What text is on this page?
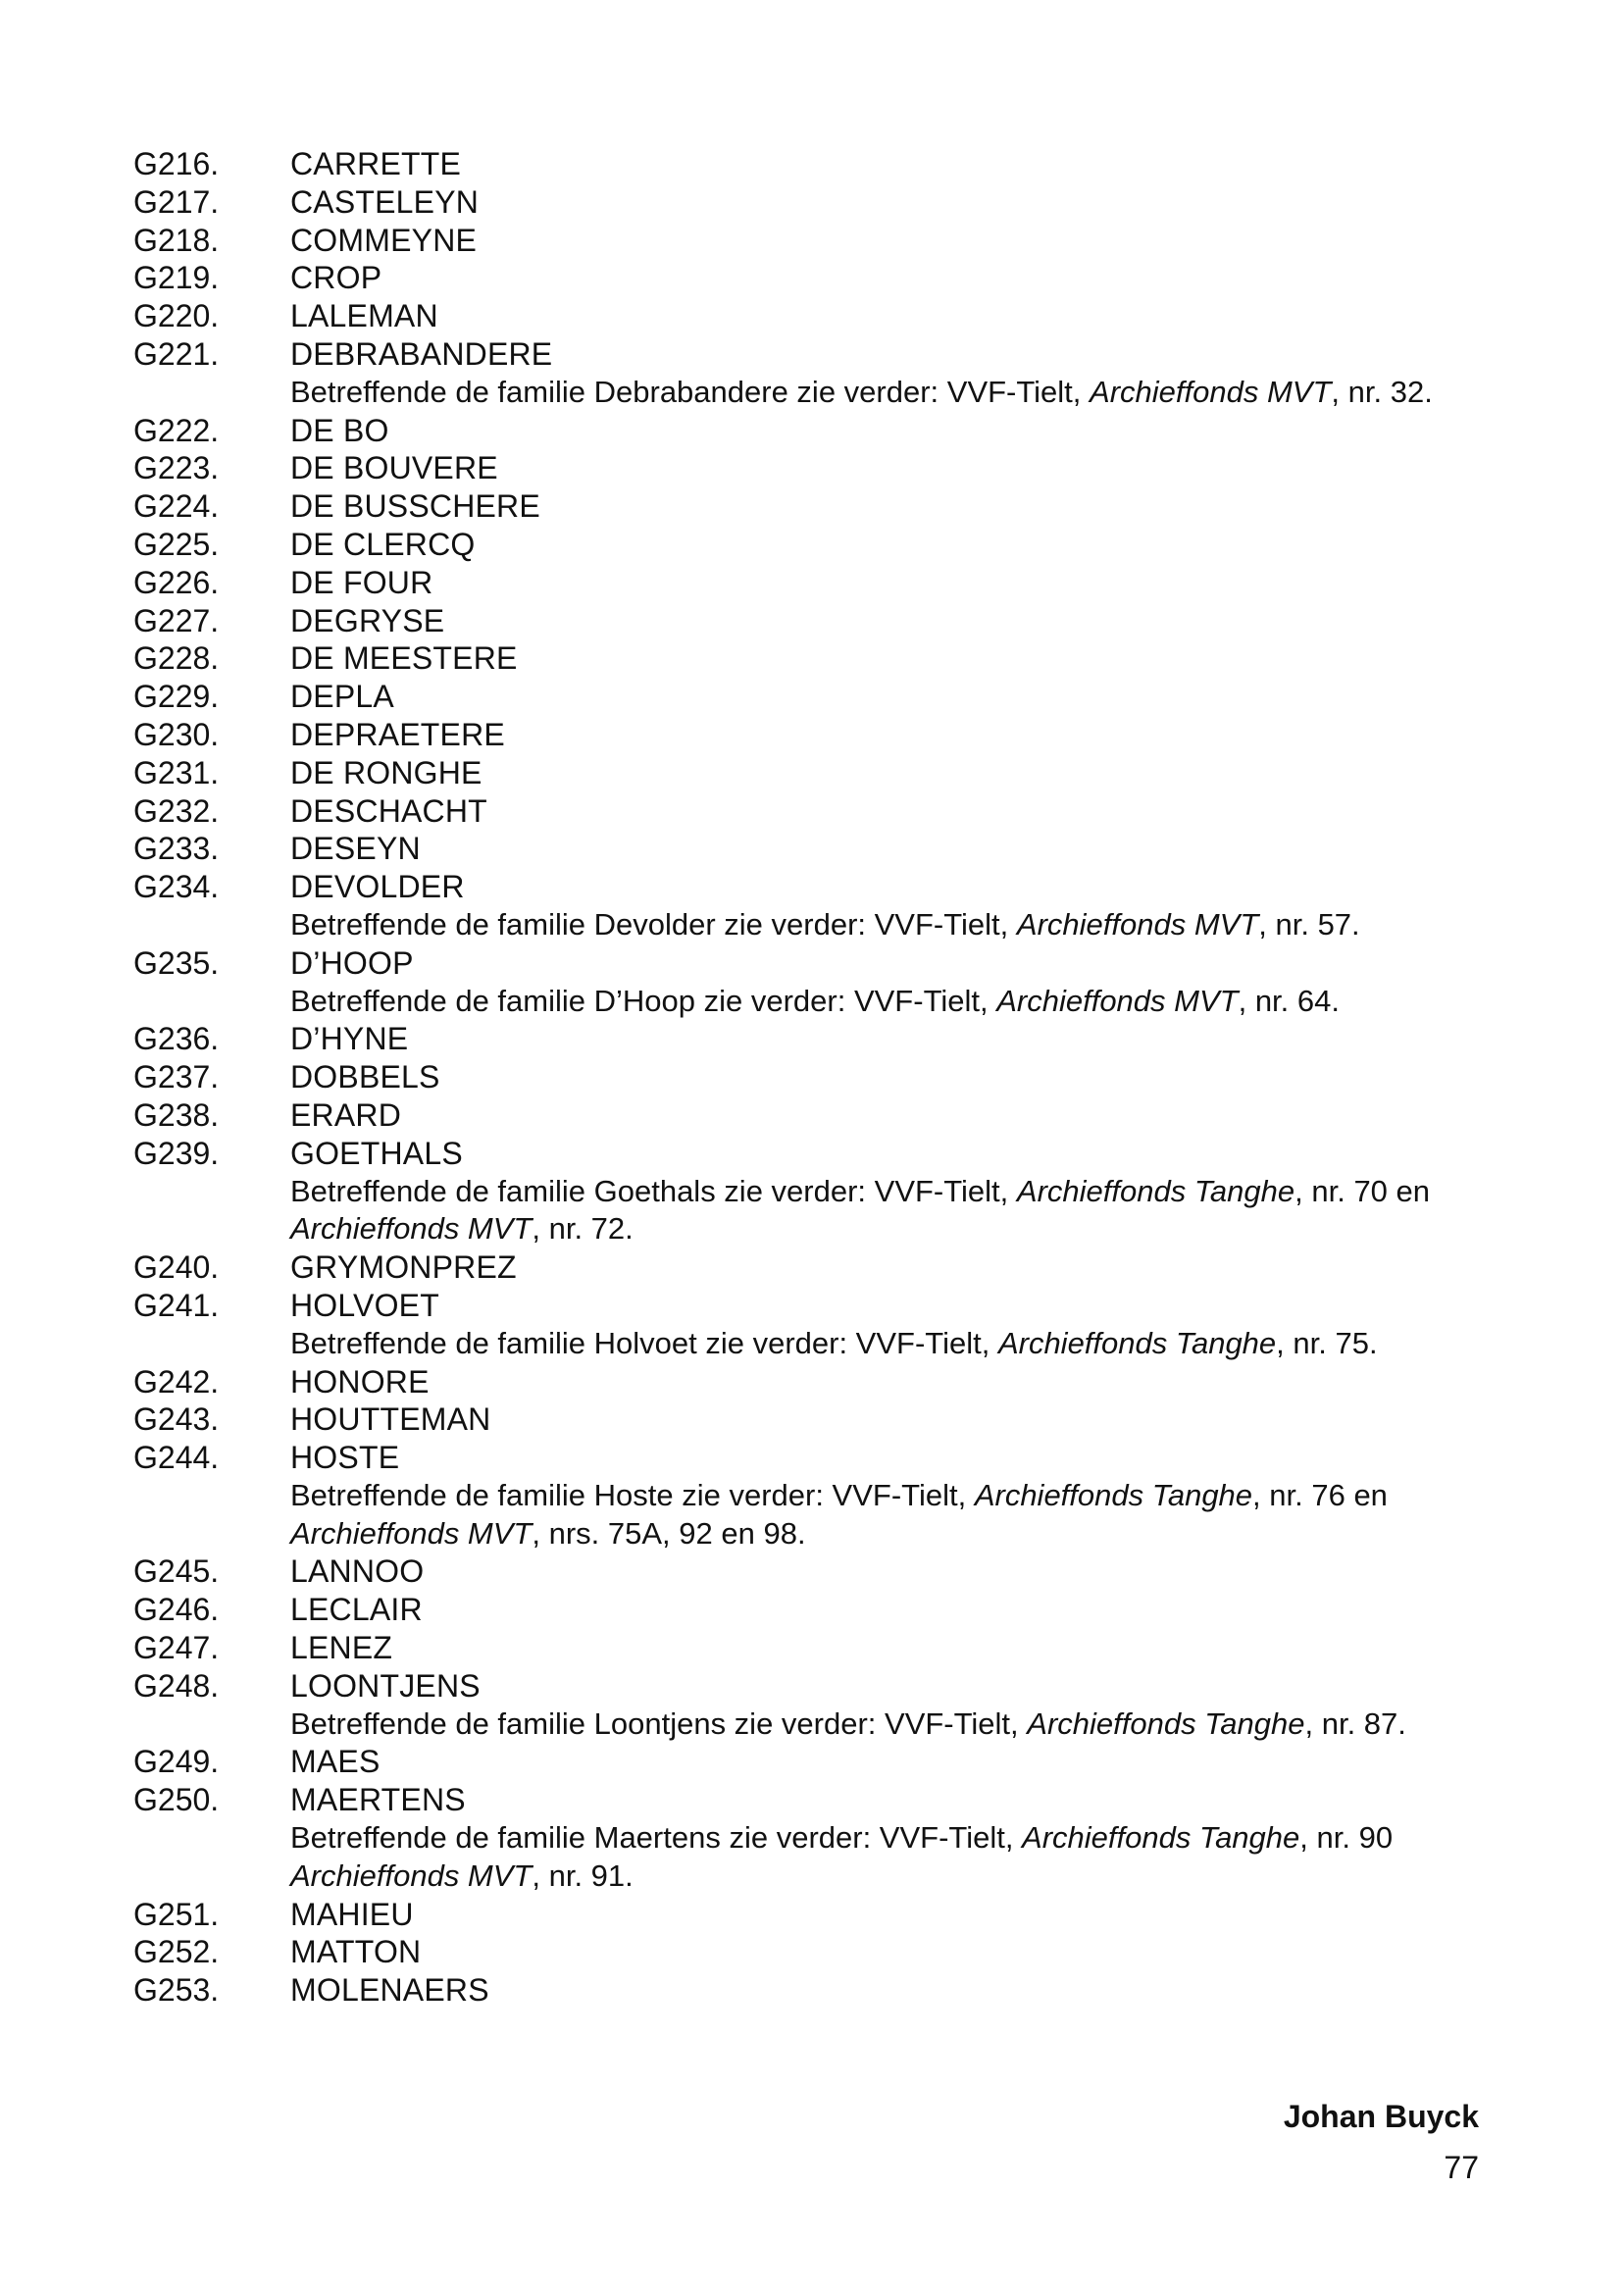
G216.	CARRETTE
G217.	CASTELEYN
G218.	COMMEYNE
G219.	CROP
G220.	LALEMAN
G221.	DEBRABANDERE
Betreffende de familie Debrabandere zie verder: VVF-Tielt, Archieffonds MVT, nr. 32.
G222.	DE BO
G223.	DE BOUVERE
G224.	DE BUSSCHERE
G225.	DE CLERCQ
G226.	DE FOUR
G227.	DEGRYSE
G228.	DE MEESTERE
G229.	DEPLA
G230.	DEPRAETERE
G231.	DE RONGHE
G232.	DESCHACHT
G233.	DESEYN
G234.	DEVOLDER
Betreffende de familie Devolder zie verder: VVF-Tielt, Archieffonds MVT, nr. 57.
G235.	D’HOOP
Betreffende de familie D’Hoop zie verder: VVF-Tielt, Archieffonds MVT, nr. 64.
G236.	D’HYNE
G237.	DOBBELS
G238.	ERARD
G239.	GOETHALS
Betreffende de familie Goethals zie verder: VVF-Tielt, Archieffonds Tanghe, nr. 70 en Archieffonds MVT, nr. 72.
G240.	GRYMONPREZ
G241.	HOLVOET
Betreffende de familie Holvoet zie verder: VVF-Tielt, Archieffonds Tanghe, nr. 75.
G242.	HONORE
G243.	HOUTTEMAN
G244.	HOSTE
Betreffende de familie Hoste zie verder: VVF-Tielt, Archieffonds Tanghe, nr. 76 en Archieffonds MVT, nrs. 75A, 92 en 98.
G245.	LANNOO
G246.	LECLAIR
G247.	LENEZ
G248.	LOONTJENS
Betreffende de familie Loontjens zie verder: VVF-Tielt, Archieffonds Tanghe, nr. 87.
G249.	MAES
G250.	MAERTENS
Betreffende de familie Maertens zie verder: VVF-Tielt, Archieffonds Tanghe, nr. 90 Archieffonds MVT, nr. 91.
G251.	MAHIEU
G252.	MATTON
G253.	MOLENAERS
Johan Buyck
77
